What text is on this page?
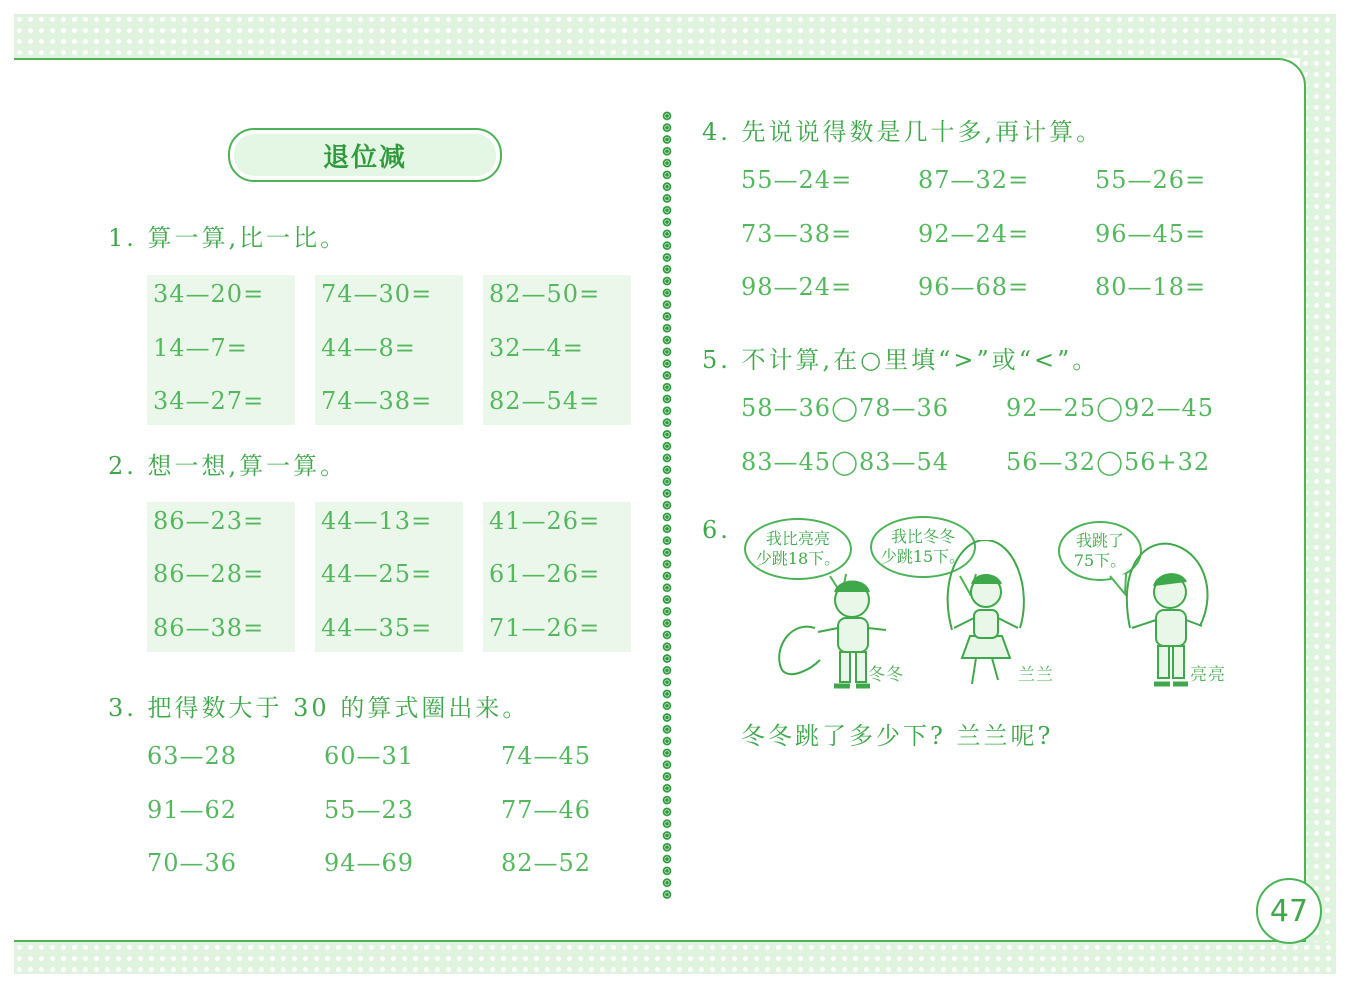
退位减
1. 算一算,比一比。
34—20=
14—7=
34—27=
74—30=
44—8=
74—38=
82—50=
32—4=
82—54=
2. 想一想,算一算。
86—23=
86—28=
86—38=
44—13=
44—25=
44—35=
41—26=
61—26=
71—26=
3. 把得数大于 30 的算式圈出来。
63—28
91—62
70—36
60—31
55—23
94—69
74—45
77—46
82—52
4. 先说说得数是几十多,再计算。
55—24=
73—38=
98—24=
87—32=
92—24=
96—68=
55—26=
96—45=
80—18=
5. 不计算,在○里填“>”或“<”。
58—36◯78—36
83—45◯83—54
92—25◯92—45
56—32◯56+32
6. 我比亮亮
少跳18下。
我比冬冬
少跳15下。
我跳了
75下。
冬冬	兰兰	亮亮
冬冬跳了多少下? 兰兰呢?
47
